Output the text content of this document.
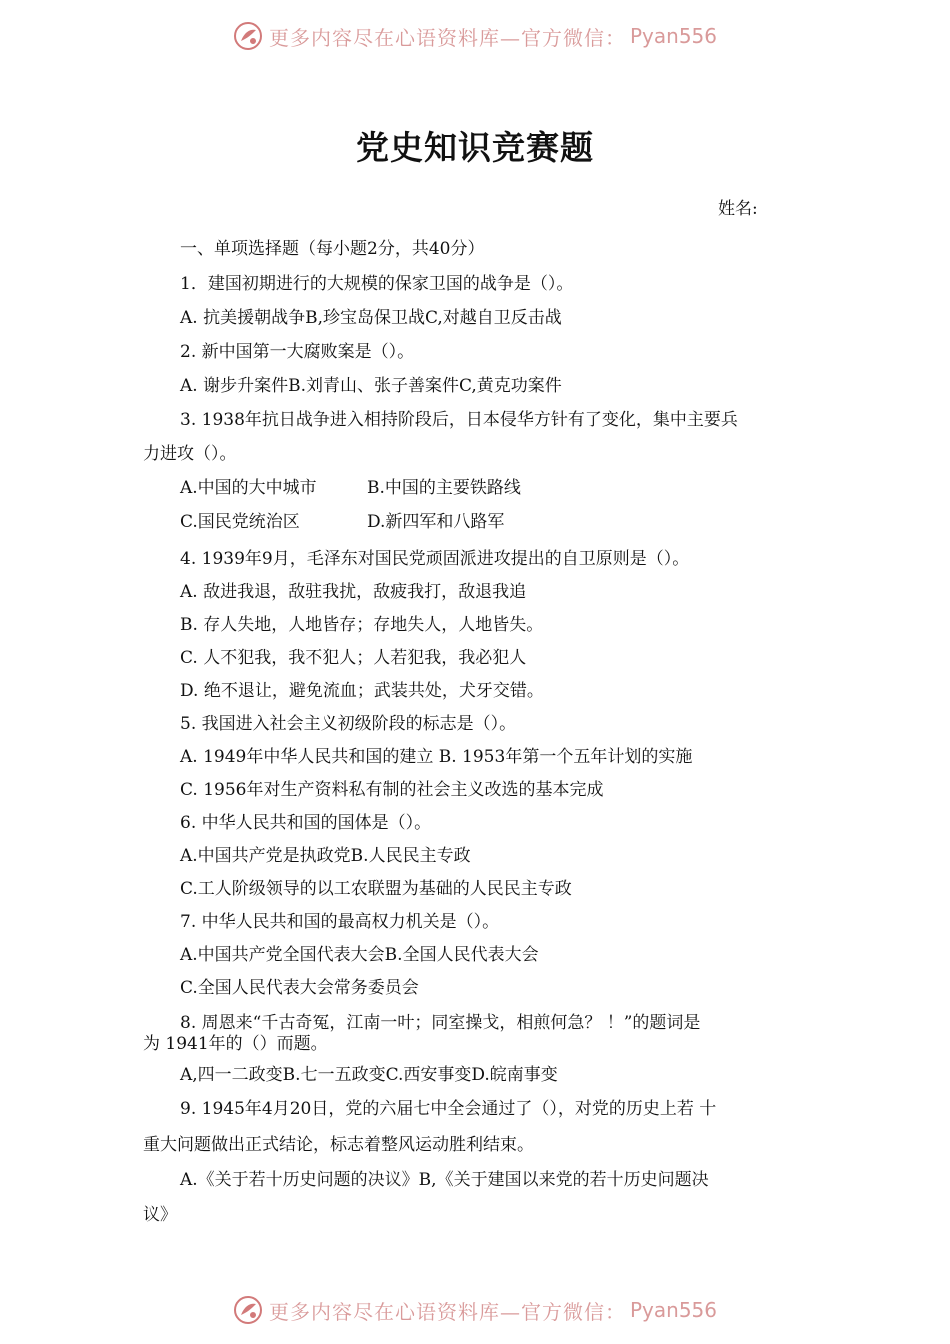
更多内容尽在心语资料库—官方微信： Pyan556
党史知识竞赛题
姓名:
一、单项选择题（每小题2分，共40分）
1．建国初期进行的大规模的保家卫国的战争是（）。
A. 抗美援朝战争B,珍宝岛保卫战C,对越自卫反击战
2. 新中国第一大腐败案是（）。
A. 谢步升案件B.刘青山、张子善案件C,黄克功案件
3. 1938年抗日战争进入相持阶段后，日本侵华方针有了变化，集中主要兵
力进攻（）。
A.中国的大中城市	B.中国的主要铁路线
C.国民党统治区	D.新四军和八路军
4. 1939年9月，毛泽东对国民党顽固派进攻提出的自卫原则是（）。
A. 敌进我退，敌驻我扰，敌疲我打，敌退我追
B. 存人失地，人地皆存；存地失人，人地皆失。
C. 人不犯我，我不犯人；人若犯我，我必犯人
D. 绝不退让，避免流血；武装共处，犬牙交错。
5. 我国进入社会主义初级阶段的标志是（）。
A. 1949年中华人民共和国的建立 B. 1953年第一个五年计划的实施
C. 1956年对生产资料私有制的社会主义改选的基本完成
6. 中华人民共和国的国体是（）。
A.中国共产党是执政党B.人民民主专政
C.工人阶级领导的以工农联盟为基础的人民民主专政
7. 中华人民共和国的最高权力机关是（）。
A.中国共产党全国代表大会B.全国人民代表大会
C.全国人民代表大会常务委员会
8. 周恩来“千古奇冤，江南一叶；同室操戈，相煎何急？ ！”的题词是
为 1941年的（）而题。
A,四一二政变B.七一五政变C.西安事变D.皖南事变
9. 1945年4月20日，党的六届七中全会通过了（），对党的历史上若 十
重大问题做出正式结论，标志着整风运动胜利结束。
A.《关于若十历史问题的决议》B,《关于建国以来党的若十历史问题决
议》
更多内容尽在心语资料库—官方微信： Pyan556
